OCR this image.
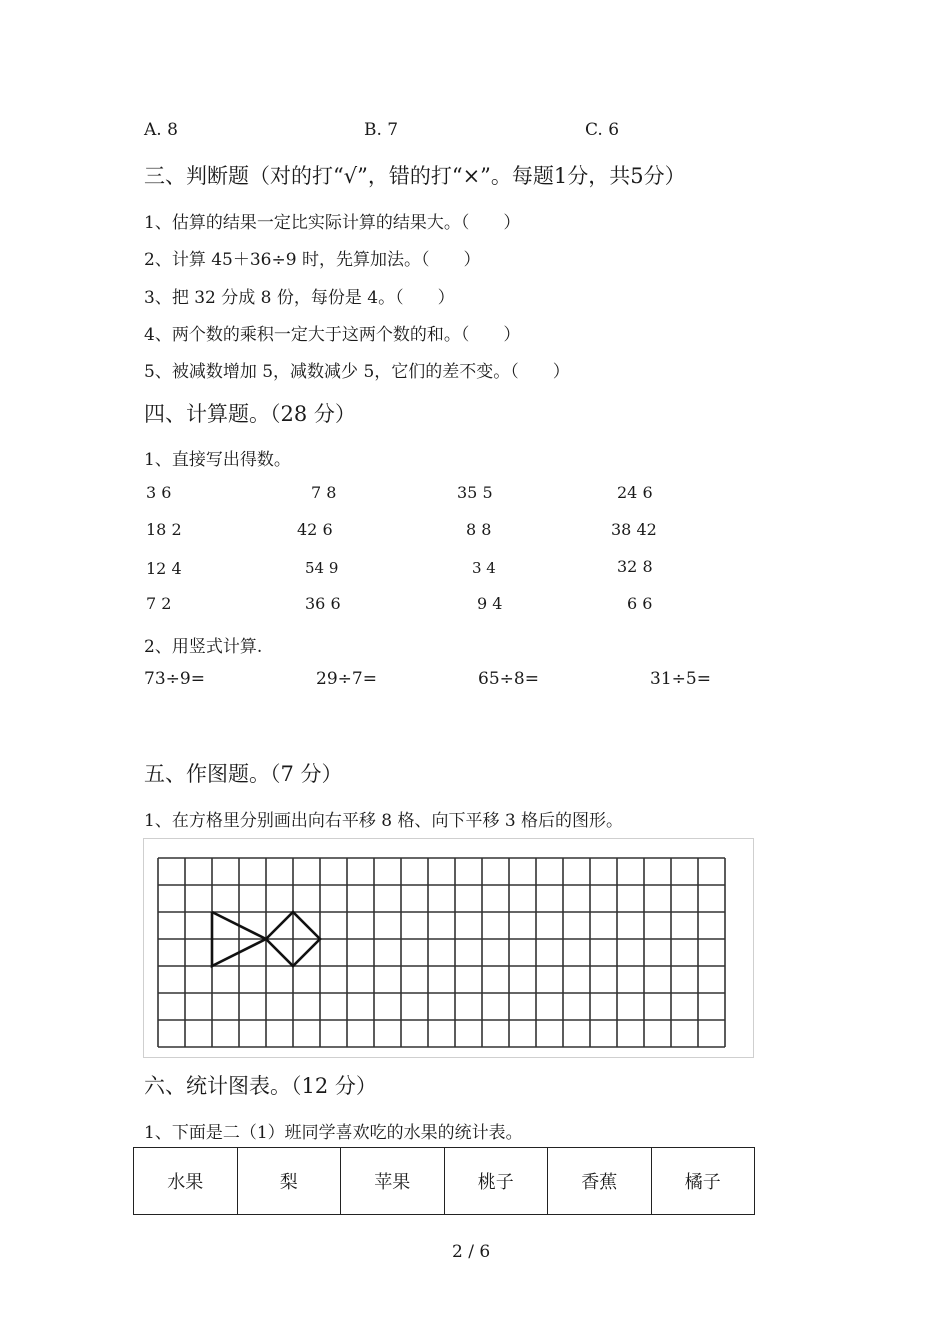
A. 8	B. 7	C. 6
三、判断题（对的打“√”，错的打“×”。每题1分，共5分）
1、估算的结果一定比实际计算的结果大。（　　）
2、计算 45＋36÷9 时，先算加法。（　　）
3、把 32 分成 8 份，每份是 4。（　　）
4、两个数的乘积一定大于这两个数的和。（　　）
5、被减数增加 5，减数减少 5，它们的差不变。（　　）
四、计算题。（28 分）
1、直接写出得数。
3 6	7 8	35 5	24 6
18 2	42 6	8 8	38 42
12 4	54 9	3 4	32 8
7 2	36 6	9 4	6 6
2、用竖式计算.
73÷9=	29÷7=	65÷8=	31÷5=
五、作图题。（7 分）
1、在方格里分别画出向右平移 8 格、向下平移 3 格后的图形。
六、统计图表。（12 分）
1、下面是二（1）班同学喜欢吃的水果的统计表。
水果	梨	苹果	桃子	香蕉	橘子
2 / 6
